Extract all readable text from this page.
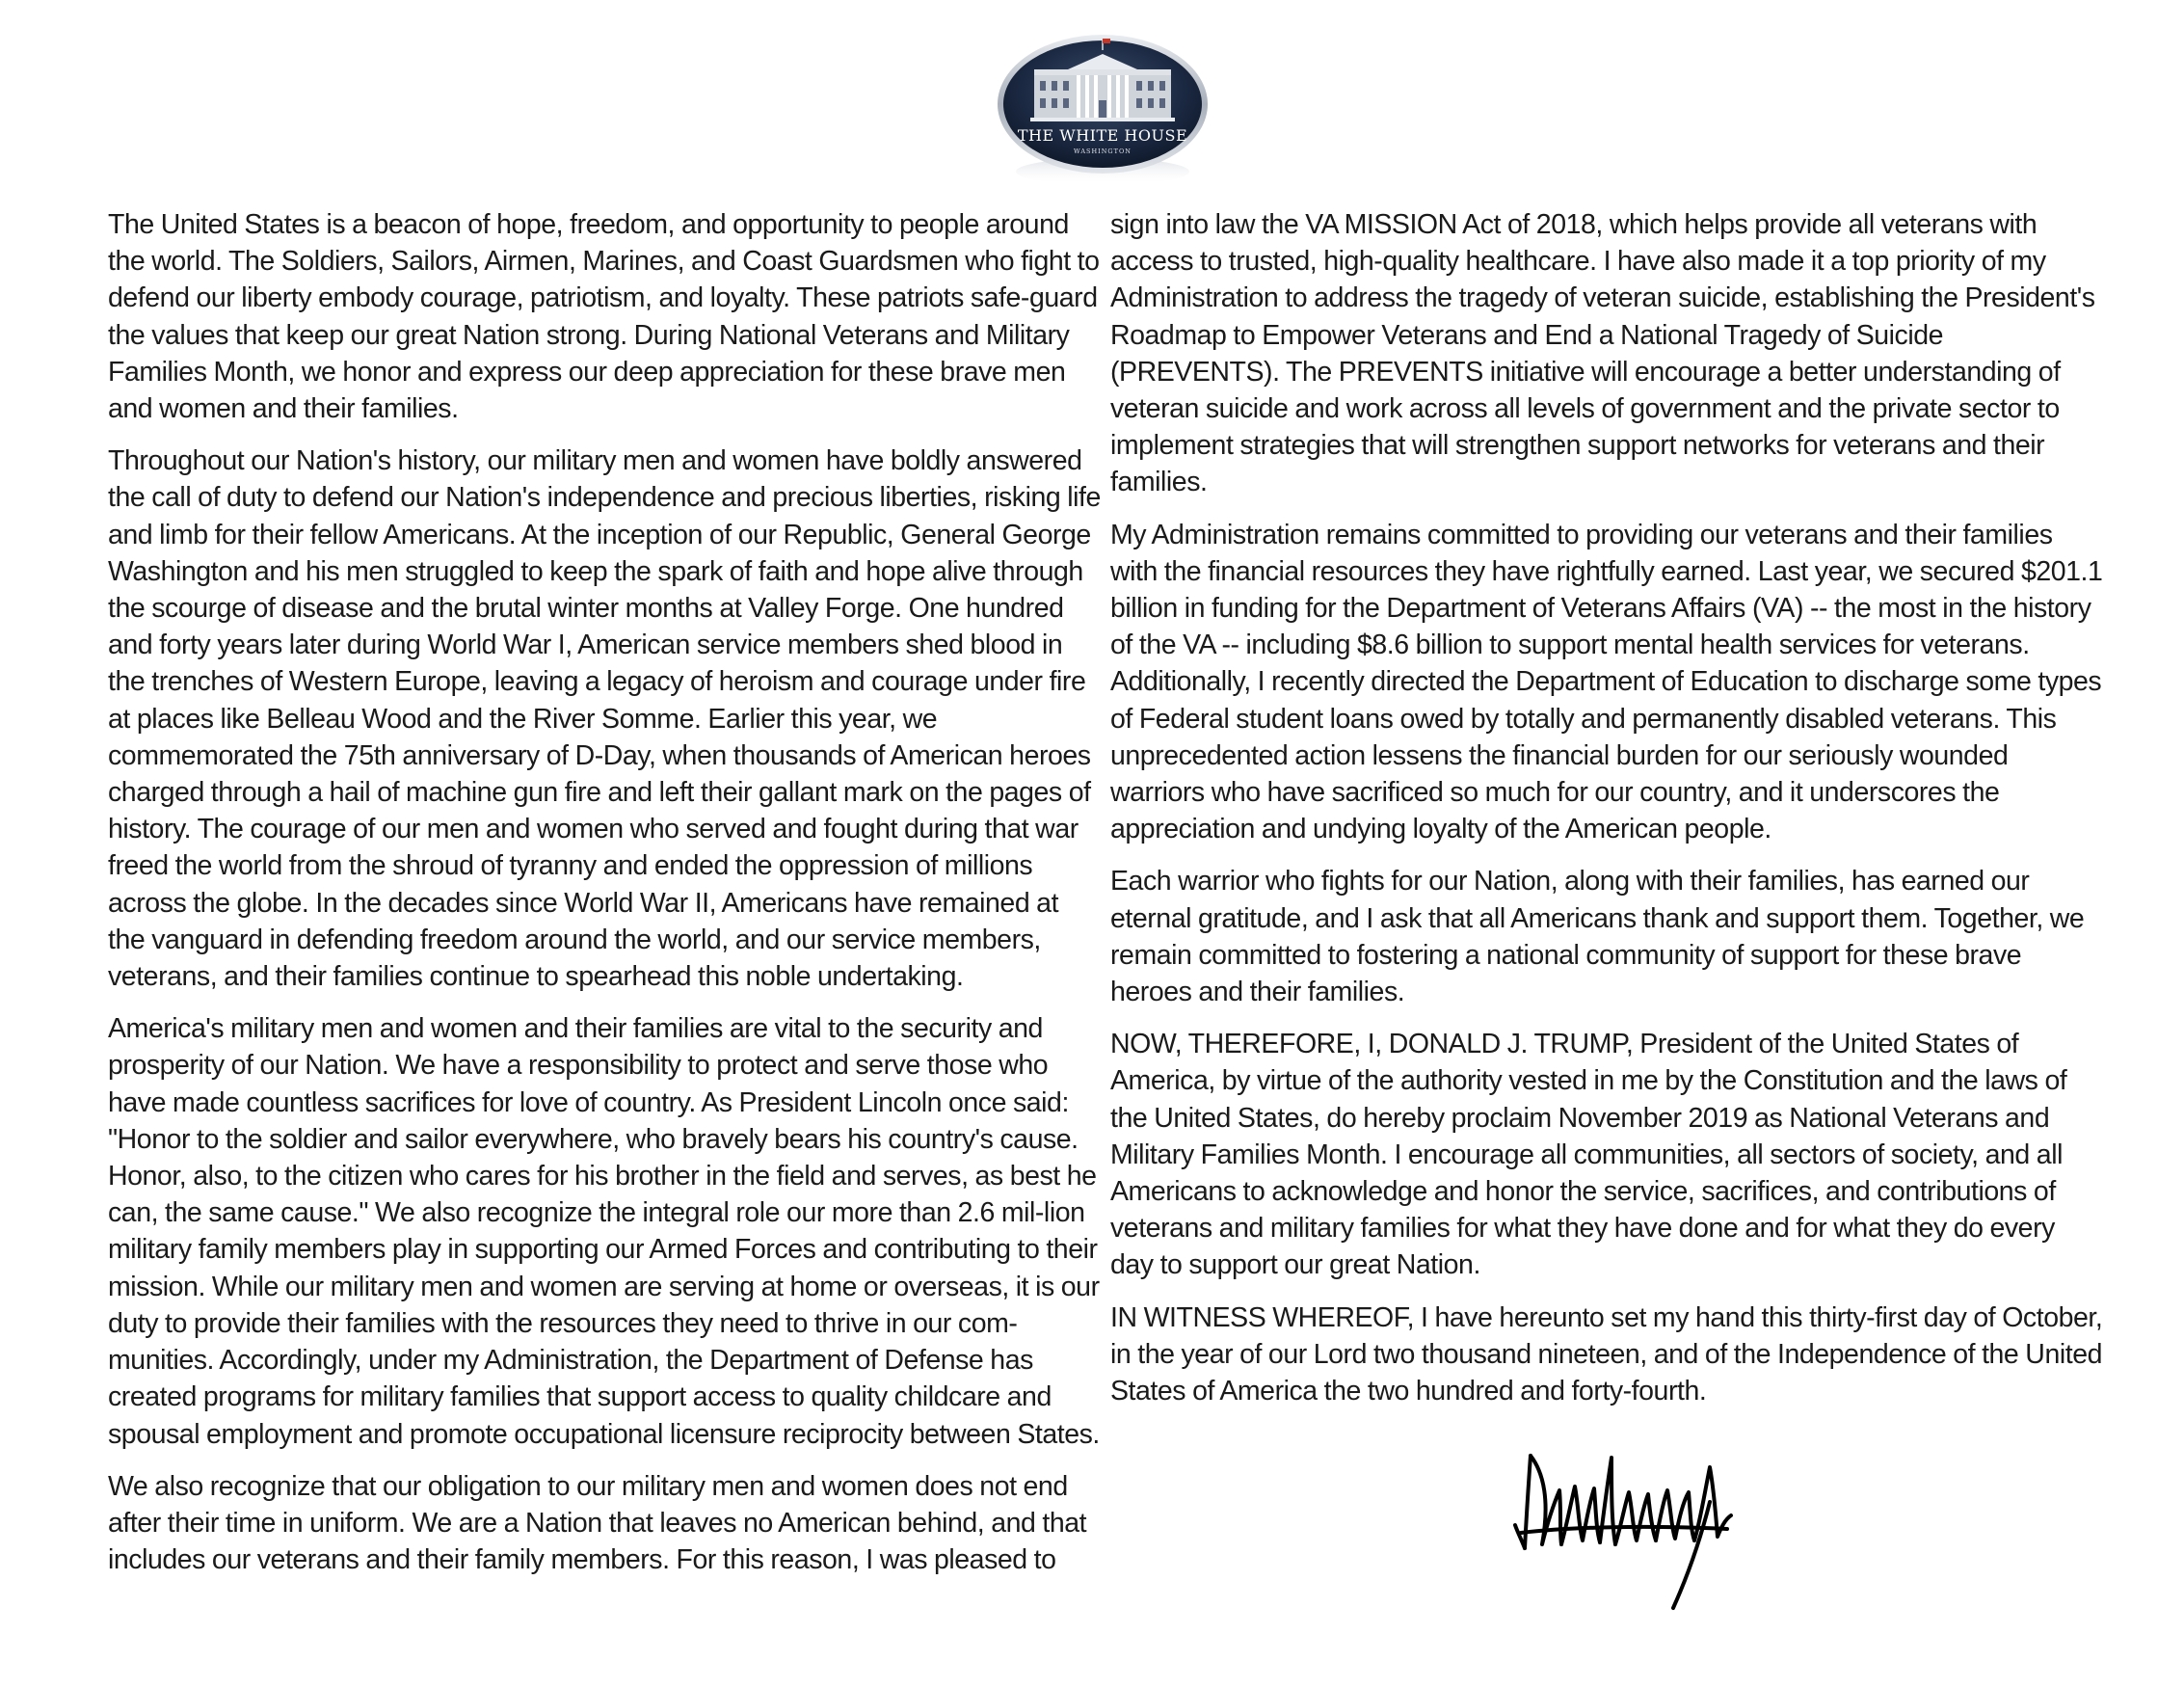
THE WHITE HOUSE
WASHINGTON

The United States is a beacon of hope, freedom, and opportunity to people around the world. The Soldiers, Sailors, Airmen, Marines, and Coast Guardsmen who fight to defend our liberty embody courage, patriotism, and loyalty. These patriots safe-guard the values that keep our great Nation strong. During National Veterans and Military Families Month, we honor and express our deep appreciation for these brave men and women and their families.

Throughout our Nation's history, our military men and women have boldly answered the call of duty to defend our Nation's independence and precious liberties, risking life and limb for their fellow Americans. At the inception of our Republic, General George Washington and his men struggled to keep the spark of faith and hope alive through the scourge of disease and the brutal winter months at Valley Forge. One hundred and forty years later during World War I, American service members shed blood in the trenches of Western Europe, leaving a legacy of heroism and courage under fire at places like Belleau Wood and the River Somme. Earlier this year, we commemorated the 75th anniversary of D-Day, when thousands of American heroes charged through a hail of machine gun fire and left their gallant mark on the pages of history. The courage of our men and women who served and fought during that war freed the world from the shroud of tyranny and ended the oppression of millions across the globe. In the decades since World War II, Americans have remained at the vanguard in defending freedom around the world, and our service members, veterans, and their families continue to spearhead this noble undertaking.

America's military men and women and their families are vital to the security and prosperity of our Nation. We have a responsibility to protect and serve those who have made countless sacrifices for love of country. As President Lincoln once said: "Honor to the soldier and sailor everywhere, who bravely bears his country's cause. Honor, also, to the citizen who cares for his brother in the field and serves, as best he can, the same cause." We also recognize the integral role our more than 2.6 mil-lion military family members play in supporting our Armed Forces and contributing to their mission. While our military men and women are serving at home or overseas, it is our duty to provide their families with the resources they need to thrive in our com-munities. Accordingly, under my Administration, the Department of Defense has created programs for military families that support access to quality childcare and spousal employment and promote occupational licensure reciprocity between States.

We also recognize that our obligation to our military men and women does not end after their time in uniform. We are a Nation that leaves no American behind, and that includes our veterans and their family members. For this reason, I was pleased to

sign into law the VA MISSION Act of 2018, which helps provide all veterans with access to trusted, high-quality healthcare. I have also made it a top priority of my Administration to address the tragedy of veteran suicide, establishing the President's Roadmap to Empower Veterans and End a National Tragedy of Suicide (PREVENTS). The PREVENTS initiative will encourage a better understanding of veteran suicide and work across all levels of government and the private sector to implement strategies that will strengthen support networks for veterans and their families.

My Administration remains committed to providing our veterans and their families with the financial resources they have rightfully earned. Last year, we secured $201.1 billion in funding for the Department of Veterans Affairs (VA) -- the most in the history of the VA -- including $8.6 billion to support mental health services for veterans. Additionally, I recently directed the Department of Education to discharge some types of Federal student loans owed by totally and permanently disabled veterans. This unprecedented action lessens the financial burden for our seriously wounded warriors who have sacrificed so much for our country, and it underscores the appreciation and undying loyalty of the American people.

Each warrior who fights for our Nation, along with their families, has earned our eternal gratitude, and I ask that all Americans thank and support them. Together, we remain committed to fostering a national community of support for these brave heroes and their families.

NOW, THEREFORE, I, DONALD J. TRUMP, President of the United States of America, by virtue of the authority vested in me by the Constitution and the laws of the United States, do hereby proclaim November 2019 as National Veterans and Military Families Month. I encourage all communities, all sectors of society, and all Americans to acknowledge and honor the service, sacrifices, and contributions of veterans and military families for what they have done and for what they do every day to support our great Nation.

IN WITNESS WHEREOF, I have hereunto set my hand this thirty-first day of October, in the year of our Lord two thousand nineteen, and of the Independence of the United States of America the two hundred and forty-fourth.
